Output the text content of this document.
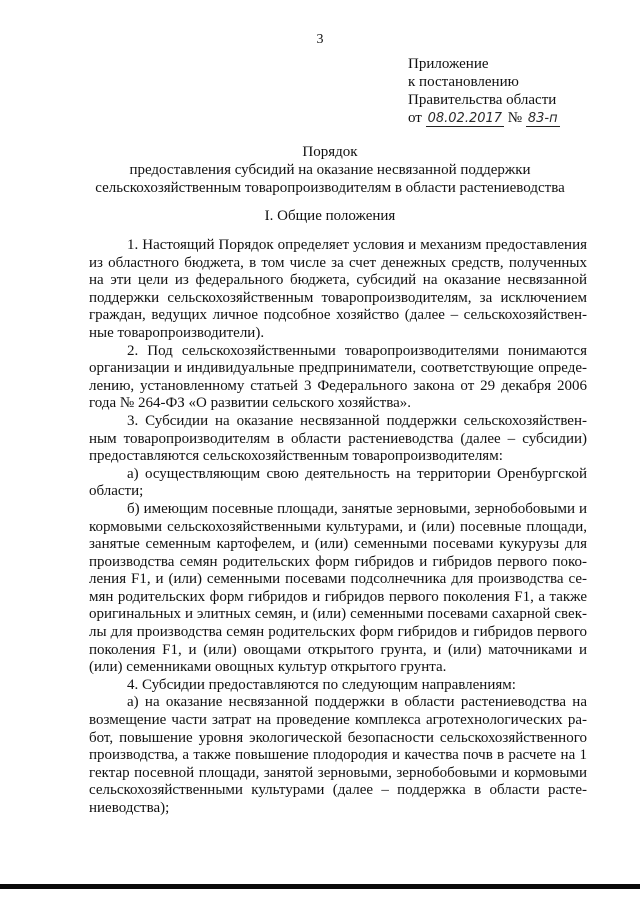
3
Приложение
к постановлению
Правительства области
от 08.02.2017 № 83-п
Порядок
предоставления субсидий на оказание несвязанной поддержки
сельскохозяйственным товаропроизводителям в области растениеводства
I. Общие положения

1. Настоящий Порядок определяет условия и механизм предоставления из областного бюджета, в том числе за счет денежных средств, полученных на эти цели из федерального бюджета, субсидий на оказание несвязанной поддержки сельскохозяйственным товаропроизводителям, за исключением граждан, ведущих личное подсобное хозяйство (далее – сельскохозяйственные товаропроизводители).

2. Под сельскохозяйственными товаропроизводителями понимаются организации и индивидуальные предприниматели, соответствующие определению, установленному статьей 3 Федерального закона от 29 декабря 2006 года № 264-ФЗ «О развитии сельского хозяйства».

3. Субсидии на оказание несвязанной поддержки сельскохозяйственным товаропроизводителям в области растениеводства (далее – субсидии) предоставляются сельскохозяйственным товаропроизводителям:

а) осуществляющим свою деятельность на территории Оренбургской области;

б) имеющим посевные площади, занятые зерновыми, зернобобовыми и кормовыми сельскохозяйственными культурами, и (или) посевные площади, занятые семенным картофелем, и (или) семенными посевами кукурузы для производства семян родительских форм гибридов и гибридов первого поколения F1, и (или) семенными посевами подсолнечника для производства семян родительских форм гибридов и гибридов первого поколения F1, а также оригинальных и элитных семян, и (или) семенными посевами сахарной свеклы для производства семян родительских форм гибридов и гибридов первого поколения F1, и (или) овощами открытого грунта, и (или) маточниками и (или) семенниками овощных культур открытого грунта.

4. Субсидии предоставляются по следующим направлениям:

а) на оказание несвязанной поддержки в области растениеводства на возмещение части затрат на проведение комплекса агротехнологических работ, повышение уровня экологической безопасности сельскохозяйственного производства, а также повышение плодородия и качества почв в расчете на 1 гектар посевной площади, занятой зерновыми, зернобобовыми и кормовыми сельскохозяйственными культурами (далее – поддержка в области растениеводства);
